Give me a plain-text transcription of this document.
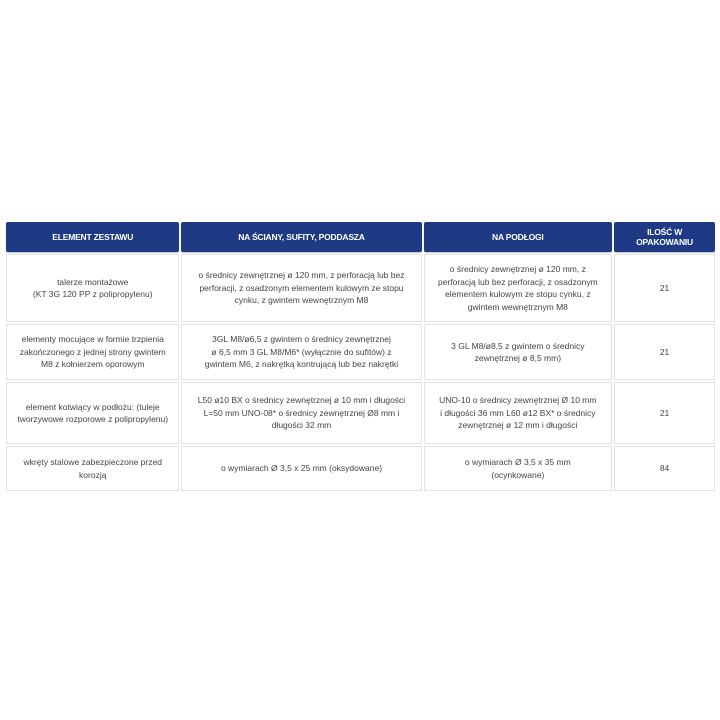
ELEMENT ZESTAWU	NA ŚCIANY, SUFITY, PODDASZA	NA PODŁOGI	ILOŚĆ W OPAKOWANIU

talerze montażowe
(KT 3G 120 PP z polipropylenu)	o średnicy zewnętrznej ø 120 mm, z perforacją lub bez
perforacji, z osadzonym elementem kulowym ze stopu
cynku, z gwintem wewnętrznym M8	o średnicy zewnętrznej ø 120 mm, z
perforacją lub bez perforacji, z osadzonym
elementem kulowym ze stopu cynku, z
gwintem wewnętrznym M8	21

elementy mocujące w formie trzpienia
zakończonego z jednej strony gwintem
M8 z kołnierzem oporowym	3GL M8/ø6,5 z gwintem o średnicy zewnętrznej
ø 6,5 mm 3 GL M8/M6* (wyłącznie do sufitów) z
gwintem M6, z nakrętką kontrującą lub bez nakrętki	3 GL M8/ø8,5 z gwintem o średnicy
zewnętrznej ø 8,5 mm)	21

element kotwiący w podłożu: (tuleje
tworzywowe rozporowe z polipropylenu)	L50 ø10 BX o średnicy zewnętrznej ø 10 mm i długości
L=50 mm UNO-08* o średnicy zewnętrznej Ø8 mm i
długości 32 mm	UNO-10 o średnicy zewnętrznej Ø 10 mm
i długości 36 mm L60 ø12 BX* o średnicy
zewnętrznej ø 12 mm i długości	21

wkręty stalowe zabezpieczone przed
korozją	o wymiarach Ø 3,5 x 25 mm (oksydowane)	o wymiarach Ø 3,5 x 35 mm
(ocynkowane)	84
